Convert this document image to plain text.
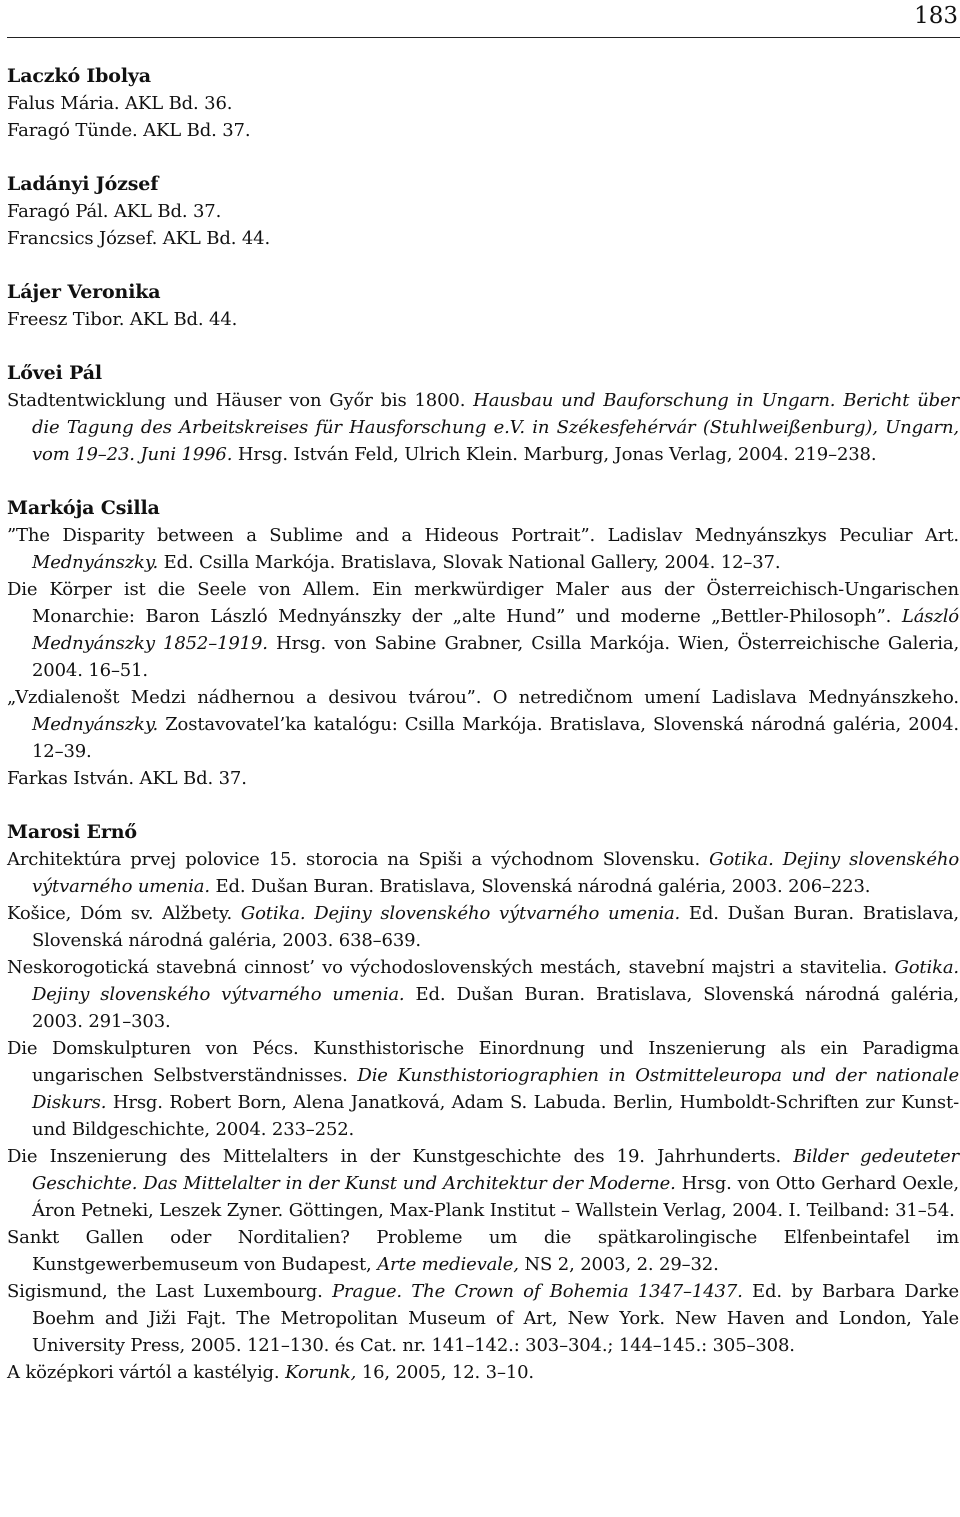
183

Laczkó Ibolya

Falus Mária. AKL Bd. 36.

Faragó Tünde. AKL Bd. 37.

Ladányi József

Faragó Pál. AKL Bd. 37.

Francsics József. AKL Bd. 44.

Lájer Veronika

Freesz Tibor. AKL Bd. 44.

Lővei Pál

Stadtentwicklung und Häuser von Győr bis 1800. Hausbau und Bauforschung in Ungarn. Bericht über die Tagung des Arbeitskreises für Hausforschung e.V. in Székesfehérvár (Stuhlweißenburg), Ungarn, vom 19–23. Juni 1996. Hrsg. István Feld, Ulrich Klein. Marburg, Jonas Verlag, 2004. 219–238.

Markója Csilla

”The Disparity between a Sublime and a Hideous Portrait”. Ladislav Mednyánszkys Peculiar Art. Mednyánszky. Ed. Csilla Markója. Bratislava, Slovak National Gallery, 2004. 12–37.

Die Körper ist die Seele von Allem. Ein merkwürdiger Maler aus der Österreichisch-Ungarischen Monarchie: Baron László Mednyánszky der „alte Hund” und moderne „Bettler-Philosoph”. László Mednyánszky 1852–1919. Hrsg. von Sabine Grabner, Csilla Markója. Wien, Österreichische Galeria, 2004. 16–51.

„Vzdialenošt Medzi nádhernou a desivou tvárou”. O netredičnom umení Ladislava Mednyánszkeho. Mednyánszky. Zostavovatel’ka katalógu: Csilla Markója. Bratislava, Slovenská národná galéria, 2004. 12–39.

Farkas István. AKL Bd. 37.

Marosi Ernő

Architektúra prvej polovice 15. storocia na Spiši a východnom Slovensku. Gotika. Dejiny slovenského výtvarného umenia. Ed. Dušan Buran. Bratislava, Slovenská národná galéria, 2003. 206–223.

Košice, Dóm sv. Alžbety. Gotika. Dejiny slovenského výtvarného umenia. Ed. Dušan Buran. Bratislava, Slovenská národná galéria, 2003. 638–639.

Neskorogotická stavebná cinnost’ vo východoslovenských mestách, stavební majstri a stavitelia. Gotika. Dejiny slovenského výtvarného umenia. Ed. Dušan Buran. Bratislava, Slovenská národná galéria, 2003. 291–303.

Die Domskulpturen von Pécs. Kunsthistorische Einordnung und Inszenierung als ein Paradigma ungarischen Selbstverständnisses. Die Kunsthistoriographien in Ostmitteleuropa und der nationale Diskurs. Hrsg. Robert Born, Alena Janatková, Adam S. Labuda. Berlin, Humboldt-Schriften zur Kunst- und Bildgeschichte, 2004. 233–252.

Die Inszenierung des Mittelalters in der Kunstgeschichte des 19. Jahrhunderts. Bilder gedeuteter Geschichte. Das Mittelalter in der Kunst und Architektur der Moderne. Hrsg. von Otto Gerhard Oexle, Áron Petneki, Leszek Zyner. Göttingen, Max-Plank Institut – Wallstein Verlag, 2004. I. Teilband: 31–54.

Sankt Gallen oder Norditalien? Probleme um die spätkarolingische Elfenbeintafel im Kunstgewerbemuseum von Budapest, Arte medievale, NS 2, 2003, 2. 29–32.

Sigismund, the Last Luxembourg. Prague. The Crown of Bohemia 1347–1437. Ed. by Barbara Darke Boehm and Jiži Fajt. The Metropolitan Museum of Art, New York. New Haven and London, Yale University Press, 2005. 121–130. és Cat. nr. 141–142.: 303–304.; 144–145.: 305–308.

A középkori vártól a kastélyig. Korunk, 16, 2005, 12. 3–10.
